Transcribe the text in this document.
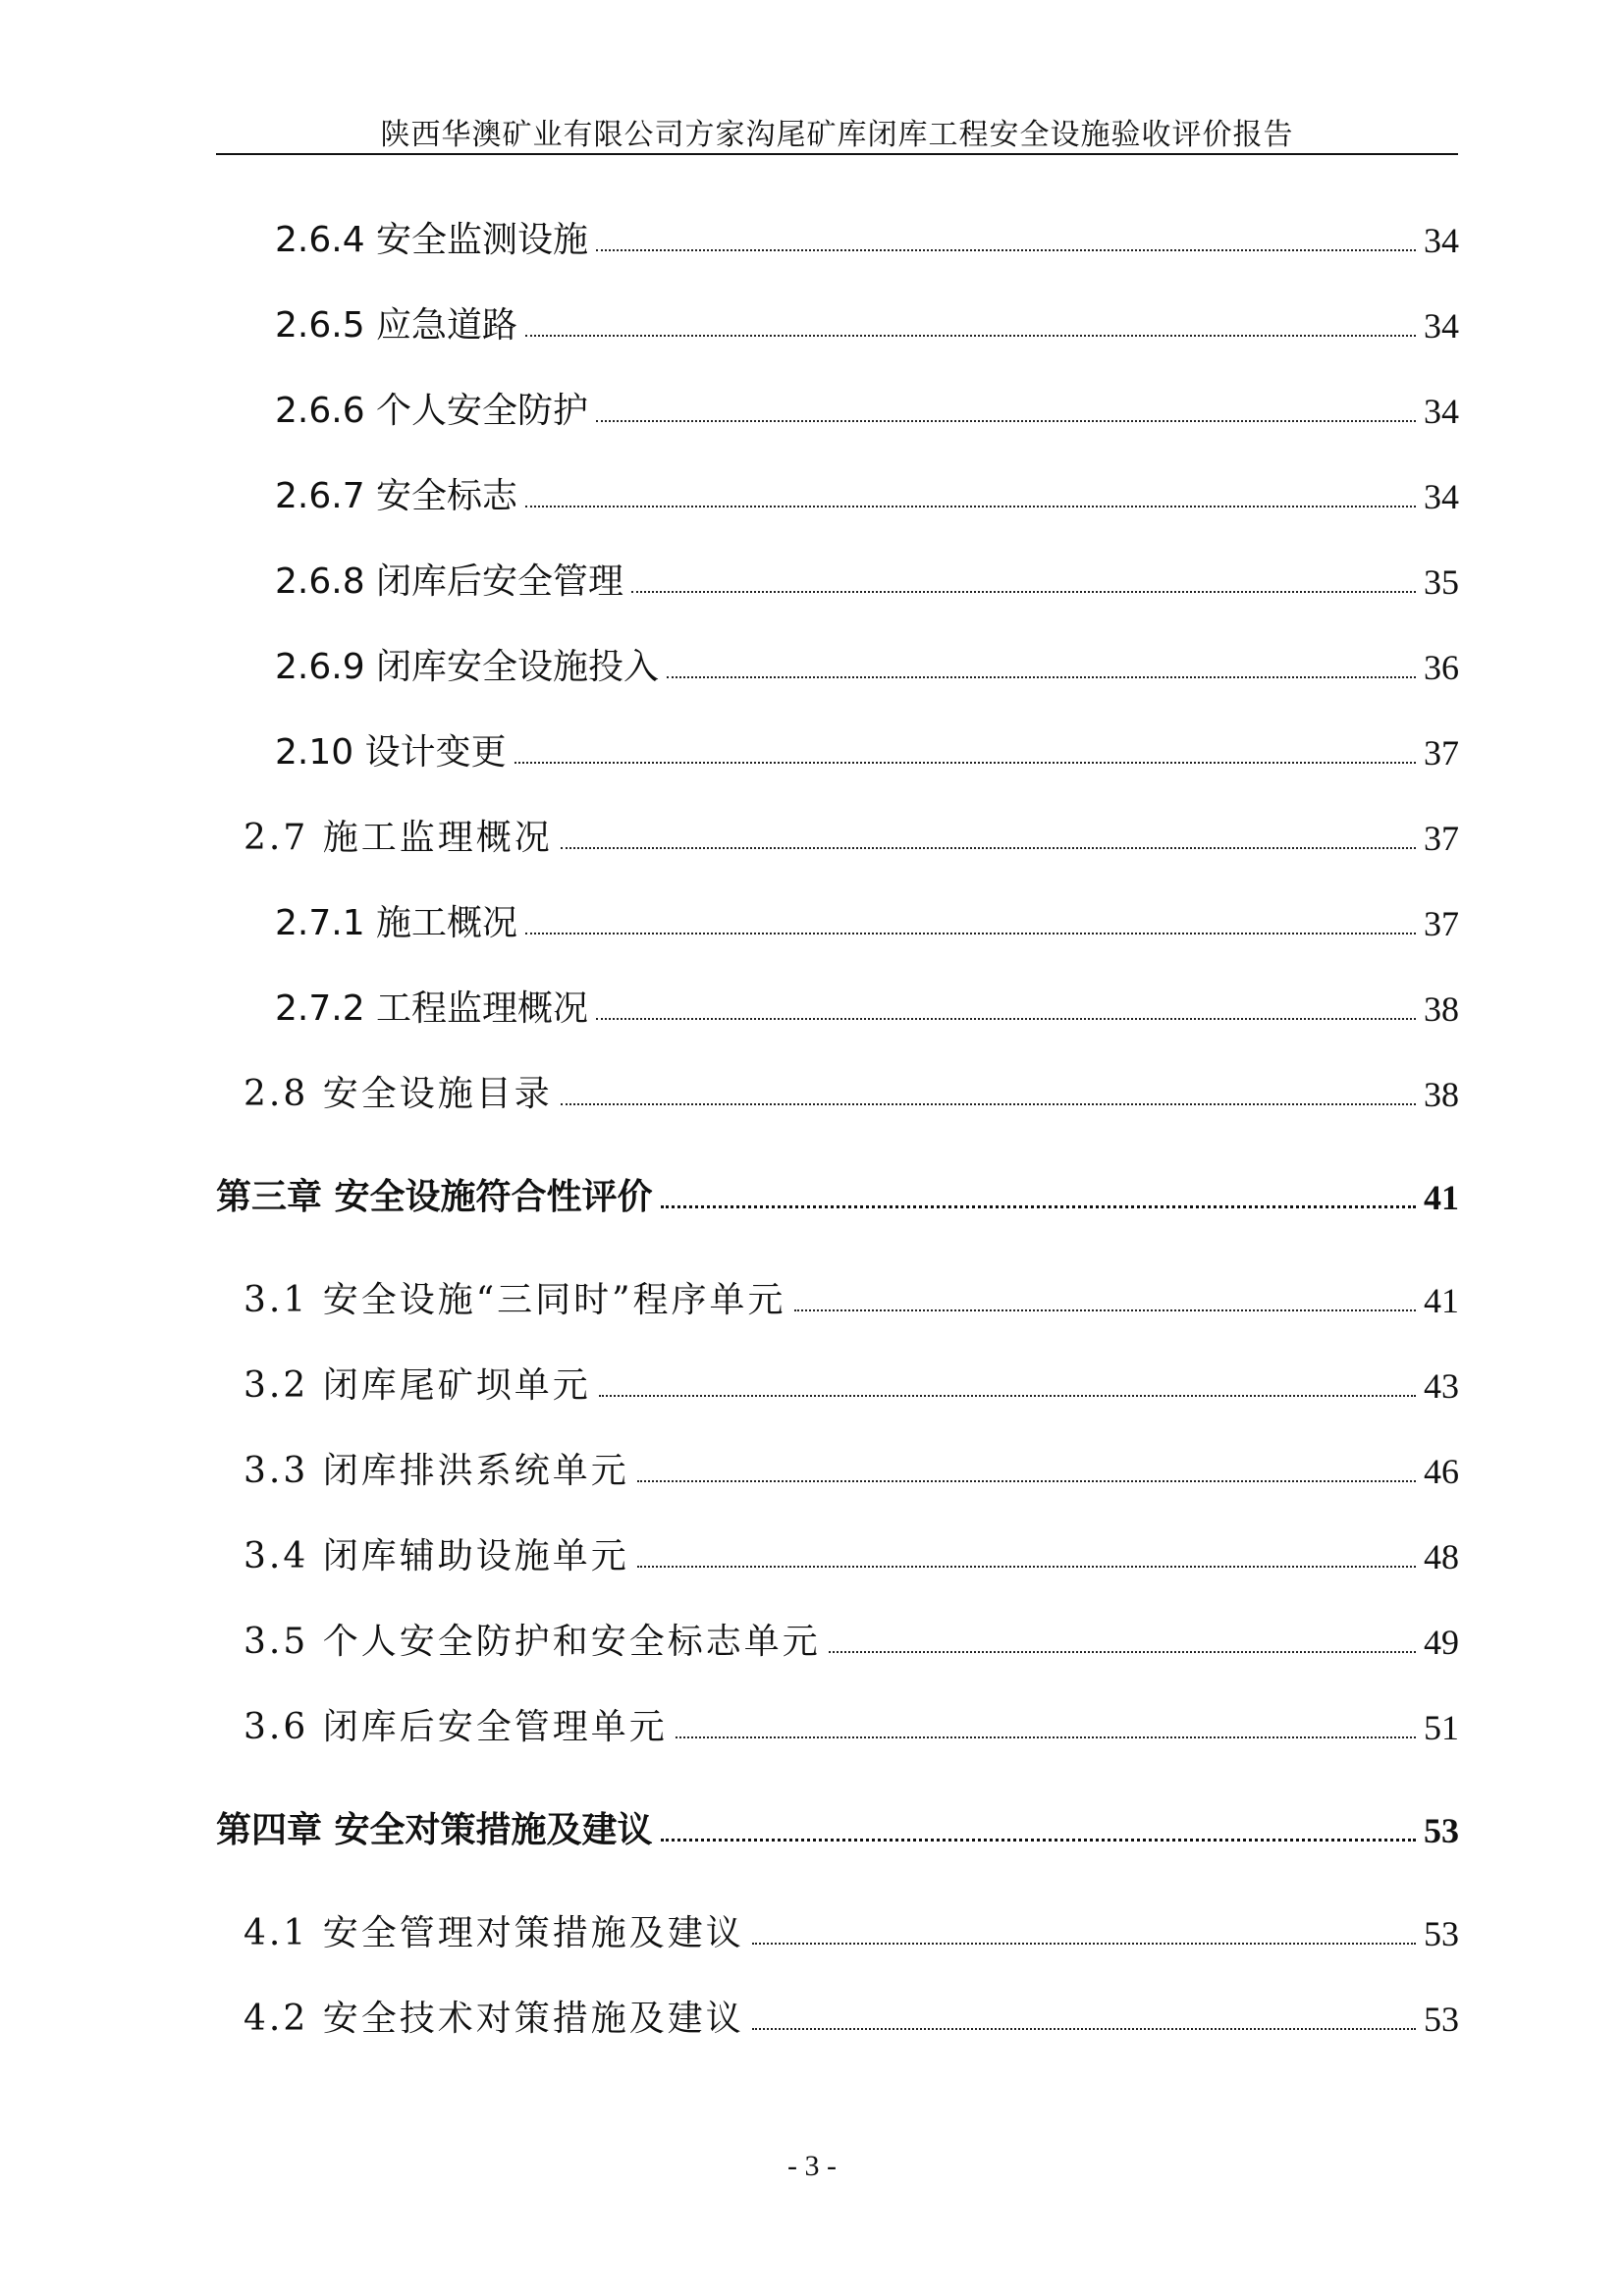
陕西华澳矿业有限公司方家沟尾矿库闭库工程安全设施验收评价报告
2.6.4 安全监测设施	34
2.6.5 应急道路	34
2.6.6 个人安全防护	34
2.6.7 安全标志	34
2.6.8 闭库后安全管理	35
2.6.9 闭库安全设施投入	36
2.10 设计变更	37
2.7 施工监理概况	37
2.7.1 施工概况	37
2.7.2 工程监理概况	38
2.8 安全设施目录	38
第三章 安全设施符合性评价	41
3.1 安全设施“三同时”程序单元	41
3.2 闭库尾矿坝单元	43
3.3 闭库排洪系统单元	46
3.4 闭库辅助设施单元	48
3.5 个人安全防护和安全标志单元	49
3.6 闭库后安全管理单元	51
第四章 安全对策措施及建议	53
4.1 安全管理对策措施及建议	53
4.2 安全技术对策措施及建议	53
- 3 -
